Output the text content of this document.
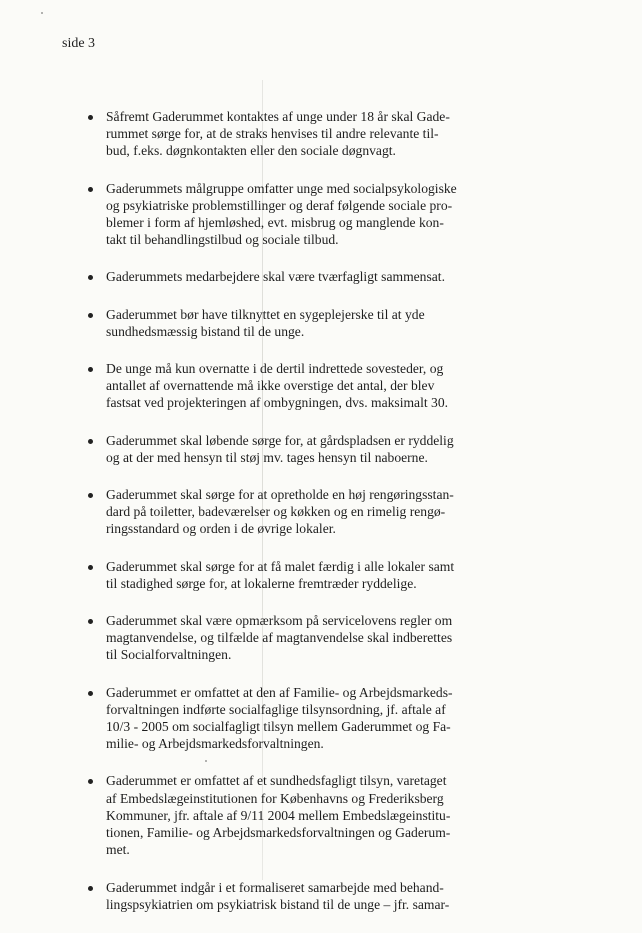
side 3
Såfremt Gaderummet kontaktes af unge under 18 år skal Gade-
rummet sørge for, at de straks henvises til andre relevante til-
bud, f.eks. døgnkontakten eller den sociale døgnvagt.
Gaderummets målgruppe omfatter unge med socialpsykologiske
og psykiatriske problemstillinger og deraf følgende sociale pro-
blemer i form af hjemløshed, evt. misbrug og manglende kon-
takt til behandlingstilbud og sociale tilbud.
Gaderummets medarbejdere skal være tværfagligt sammensat.
Gaderummet bør have tilknyttet en sygeplejerske til at yde
sundhedsmæssig bistand til de unge.
De unge må kun overnatte i de dertil indrettede sovesteder, og
antallet af overnattende må ikke overstige det antal, der blev
fastsat ved projekteringen af ombygningen, dvs. maksimalt 30.
Gaderummet skal løbende sørge for, at gårdspladsen er ryddelig
og at der med hensyn til støj mv. tages hensyn til naboerne.
Gaderummet skal sørge for at opretholde en høj rengøringsstan-
dard på toiletter, badeværelser og køkken og en rimelig rengø-
ringsstandard og orden i de øvrige lokaler.
Gaderummet skal sørge for at få malet færdig i alle lokaler samt
til stadighed sørge for, at lokalerne fremtræder ryddelige.
Gaderummet skal være opmærksom på servicelovens regler om
magtanvendelse, og tilfælde af magtanvendelse skal indberettes
til Socialforvaltningen.
Gaderummet er omfattet at den af Familie- og Arbejdsmarkeds-
forvaltningen indførte socialfaglige tilsynsordning, jf. aftale af
10/3 - 2005 om socialfagligt tilsyn mellem Gaderummet og Fa-
milie- og Arbejdsmarkedsforvaltningen.
Gaderummet er omfattet af et sundhedsfagligt tilsyn, varetaget
af Embedslægeinstitutionen for Københavns og Frederiksberg
Kommuner, jfr. aftale af 9/11 2004 mellem Embedslægeinstitu-
tionen, Familie- og Arbejdsmarkedsforvaltningen og Gaderum-
met.
Gaderummet indgår i et formaliseret samarbejde med behand-
lingspsykiatrien om psykiatrisk bistand til de unge – jfr. samar-
